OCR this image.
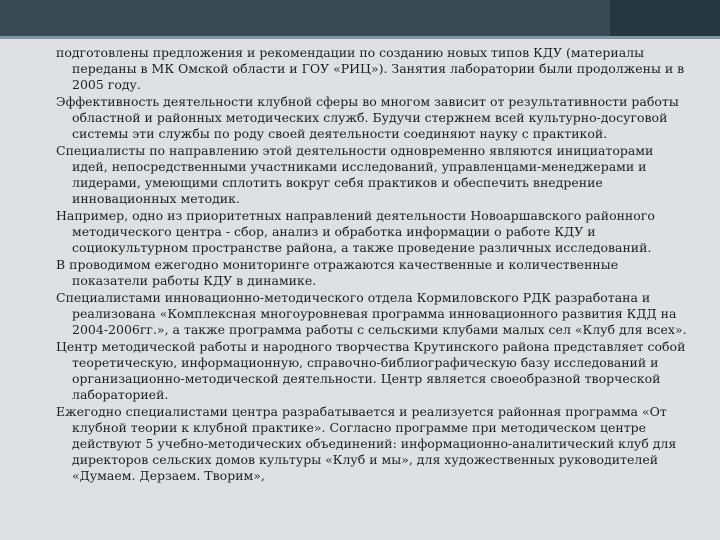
подготовлены предложения и рекомендации по созданию новых типов КДУ (материалы переданы в МК Омской области и ГОУ «РИЦ»). Занятия лаборатории были продолжены и в 2005 году.

Эффективность деятельности клубной сферы во многом зависит от результативности работы областной и районных методических служб. Будучи стержнем всей культурно-досуговой системы эти службы по роду своей деятельности соединяют науку с практикой.

Специалисты по направлению этой деятельности одновременно являются инициаторами идей, непосредственными участниками исследований, управленцами-менеджерами и лидерами, умеющими сплотить вокруг себя практиков и обеспечить внедрение инновационных методик.

Например, одно из приоритетных направлений деятельности Новоаршавского районного методического центра - сбор, анализ и обработка информации о работе КДУ и социокультурном пространстве района, а также проведение различных исследований.

В проводимом ежегодно мониторинге отражаются качественные и количественные показатели работы КДУ в динамике.

Специалистами инновационно-методического отдела Кормиловского РДК разработана и реализована «Комплексная многоуровневая программа инновационного развития КДД на 2004-2006гг.», а также программа работы с сельскими клубами малых сел «Клуб для всех».

Центр методической работы и народного творчества Крутинского района представляет собой теоретическую, информационную, справочно-библиографическую базу исследований и организационно-методической деятельности. Центр является своеобразной творческой лабораторией.

Ежегодно специалистами центра разрабатывается и реализуется районная программа «От клубной теории к клубной практике». Согласно программе при методическом центре действуют 5 учебно-методических объединений: информационно-аналитический клуб для директоров сельских домов культуры «Клуб и мы», для художественных руководителей «Думаем. Дерзаем. Творим»,
